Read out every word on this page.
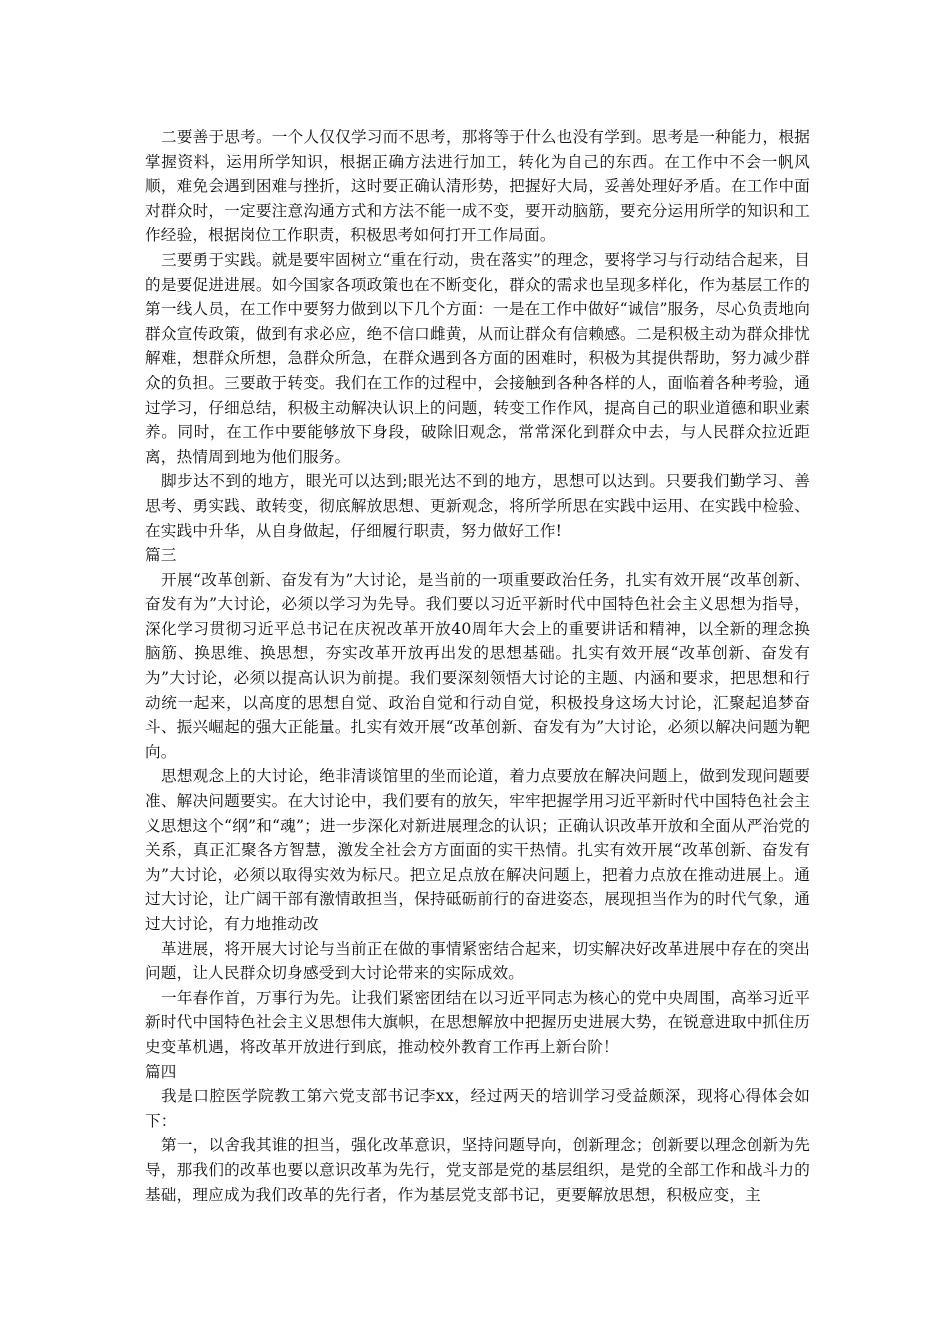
二要善于思考。一个人仅仅学习而不思考，那将等于什么也没有学到。思考是一种能力，根据掌握资料，运用所学知识，根据正确方法进行加工，转化为自己的东西。在工作中不会一帆风顺，难免会遇到困难与挫折，这时要正确认清形势，把握好大局，妥善处理好矛盾。在工作中面对群众时，一定要注意沟通方式和方法不能一成不变，要开动脑筋，要充分运用所学的知识和工作经验，根据岗位工作职责，积极思考如何打开工作局面。

三要勇于实践。就是要牢固树立“重在行动，贵在落实”的理念，要将学习与行动结合起来，目的是要促进进展。如今国家各项政策也在不断变化，群众的需求也呈现多样化，作为基层工作的第一线人员，在工作中要努力做到以下几个方面：一是在工作中做好“诚信”服务，尽心负责地向群众宣传政策，做到有求必应，绝不信口雌黄，从而让群众有信赖感。二是积极主动为群众排忧解难，想群众所想，急群众所急，在群众遇到各方面的困难时，积极为其提供帮助，努力减少群众的负担。三要敢于转变。我们在工作的过程中，会接触到各种各样的人，面临着各种考验，通过学习，仔细总结，积极主动解决认识上的问题，转变工作作风，提高自己的职业道德和职业素养。同时，在工作中要能够放下身段，破除旧观念，常常深化到群众中去，与人民群众拉近距离，热情周到地为他们服务。

脚步达不到的地方，眼光可以达到;眼光达不到的地方，思想可以达到。只要我们勤学习、善思考、勇实践、敢转变，彻底解放思想、更新观念，将所学所思在实践中运用、在实践中检验、在实践中升华，从自身做起，仔细履行职责，努力做好工作!

篇三

开展“改革创新、奋发有为”大讨论，是当前的一项重要政治任务，扎实有效开展“改革创新、奋发有为”大讨论，必须以学习为先导。我们要以习近平新时代中国特色社会主义思想为指导，深化学习贯彻习近平总书记在庆祝改革开放40周年大会上的重要讲话和精神，以全新的理念换脑筋、换思维、换思想，夯实改革开放再出发的思想基础。扎实有效开展“改革创新、奋发有为”大讨论，必须以提高认识为前提。我们要深刻领悟大讨论的主题、内涵和要求，把思想和行动统一起来，以高度的思想自觉、政治自觉和行动自觉，积极投身这场大讨论，汇聚起追梦奋斗、振兴崛起的强大正能量。扎实有效开展“改革创新、奋发有为”大讨论，必须以解决问题为靶向。

思想观念上的大讨论，绝非清谈馆里的坐而论道，着力点要放在解决问题上，做到发现问题要准、解决问题要实。在大讨论中，我们要有的放矢，牢牢把握学用习近平新时代中国特色社会主义思想这个“纲”和“魂”；进一步深化对新进展理念的认识；正确认识改革开放和全面从严治党的关系，真正汇聚各方智慧，激发全社会方方面面的实干热情。扎实有效开展“改革创新、奋发有为”大讨论，必须以取得实效为标尺。把立足点放在解决问题上，把着力点放在推动进展上。通过大讨论，让广阔干部有激情敢担当，保持砥砺前行的奋进姿态，展现担当作为的时代气象，通过大讨论，有力地推动改

革进展，将开展大讨论与当前正在做的事情紧密结合起来，切实解决好改革进展中存在的突出问题，让人民群众切身感受到大讨论带来的实际成效。

一年春作首，万事行为先。让我们紧密团结在以习近平同志为核心的党中央周围，高举习近平新时代中国特色社会主义思想伟大旗帜，在思想解放中把握历史进展大势，在锐意进取中抓住历史变革机遇，将改革开放进行到底，推动校外教育工作再上新台阶！

篇四

我是口腔医学院教工第六党支部书记李xx，经过两天的培训学习受益颇深，现将心得体会如下：

第一，以舍我其谁的担当，强化改革意识，坚持问题导向，创新理念；创新要以理念创新为先导，那我们的改革也要以意识改革为先行，党支部是党的基层组织，是党的全部工作和战斗力的基础，理应成为我们改革的先行者，作为基层党支部书记，更要解放思想，积极应变，主
